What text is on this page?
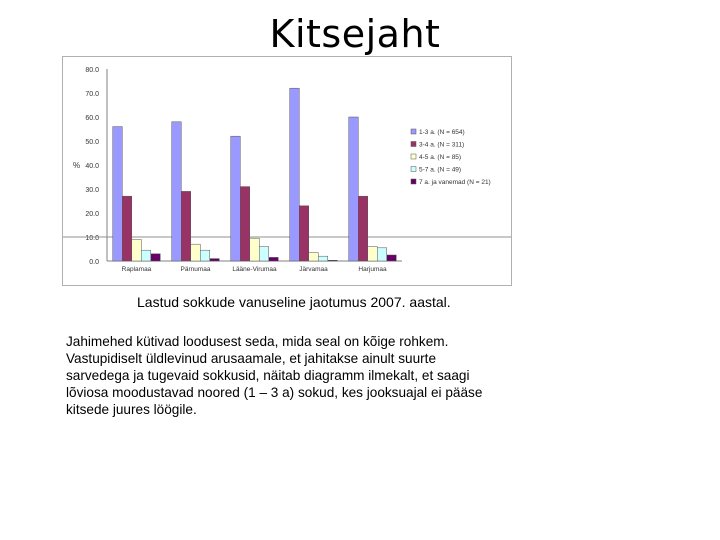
Kitsejaht
0.0
10.0
20.0
30.0
40.0
50.0
60.0
70.0
80.0
%
Raplamaa	Pärnumaa	Lääne-Virumaa	Järvamaa	Harjumaa
1-3 a. (N = 654)
3-4 a. (N = 311)
4-5 a. (N = 85)
5-7 a. (N = 49)
7 a. ja vanemad (N = 21)
Lastud sokkude vanuseline jaotumus 2007. aastal.
Jahimehed kütivad loodusest seda, mida seal on kõige rohkem. Vastupidiselt üldlevinud arusaamale, et jahitakse ainult suurte sarvedega ja tugevaid sokkusid, näitab diagramm ilmekalt, et saagi lõviosa moodustavad noored (1 – 3 a) sokud, kes jooksuajal ei pääse kitsede juures löögile.
